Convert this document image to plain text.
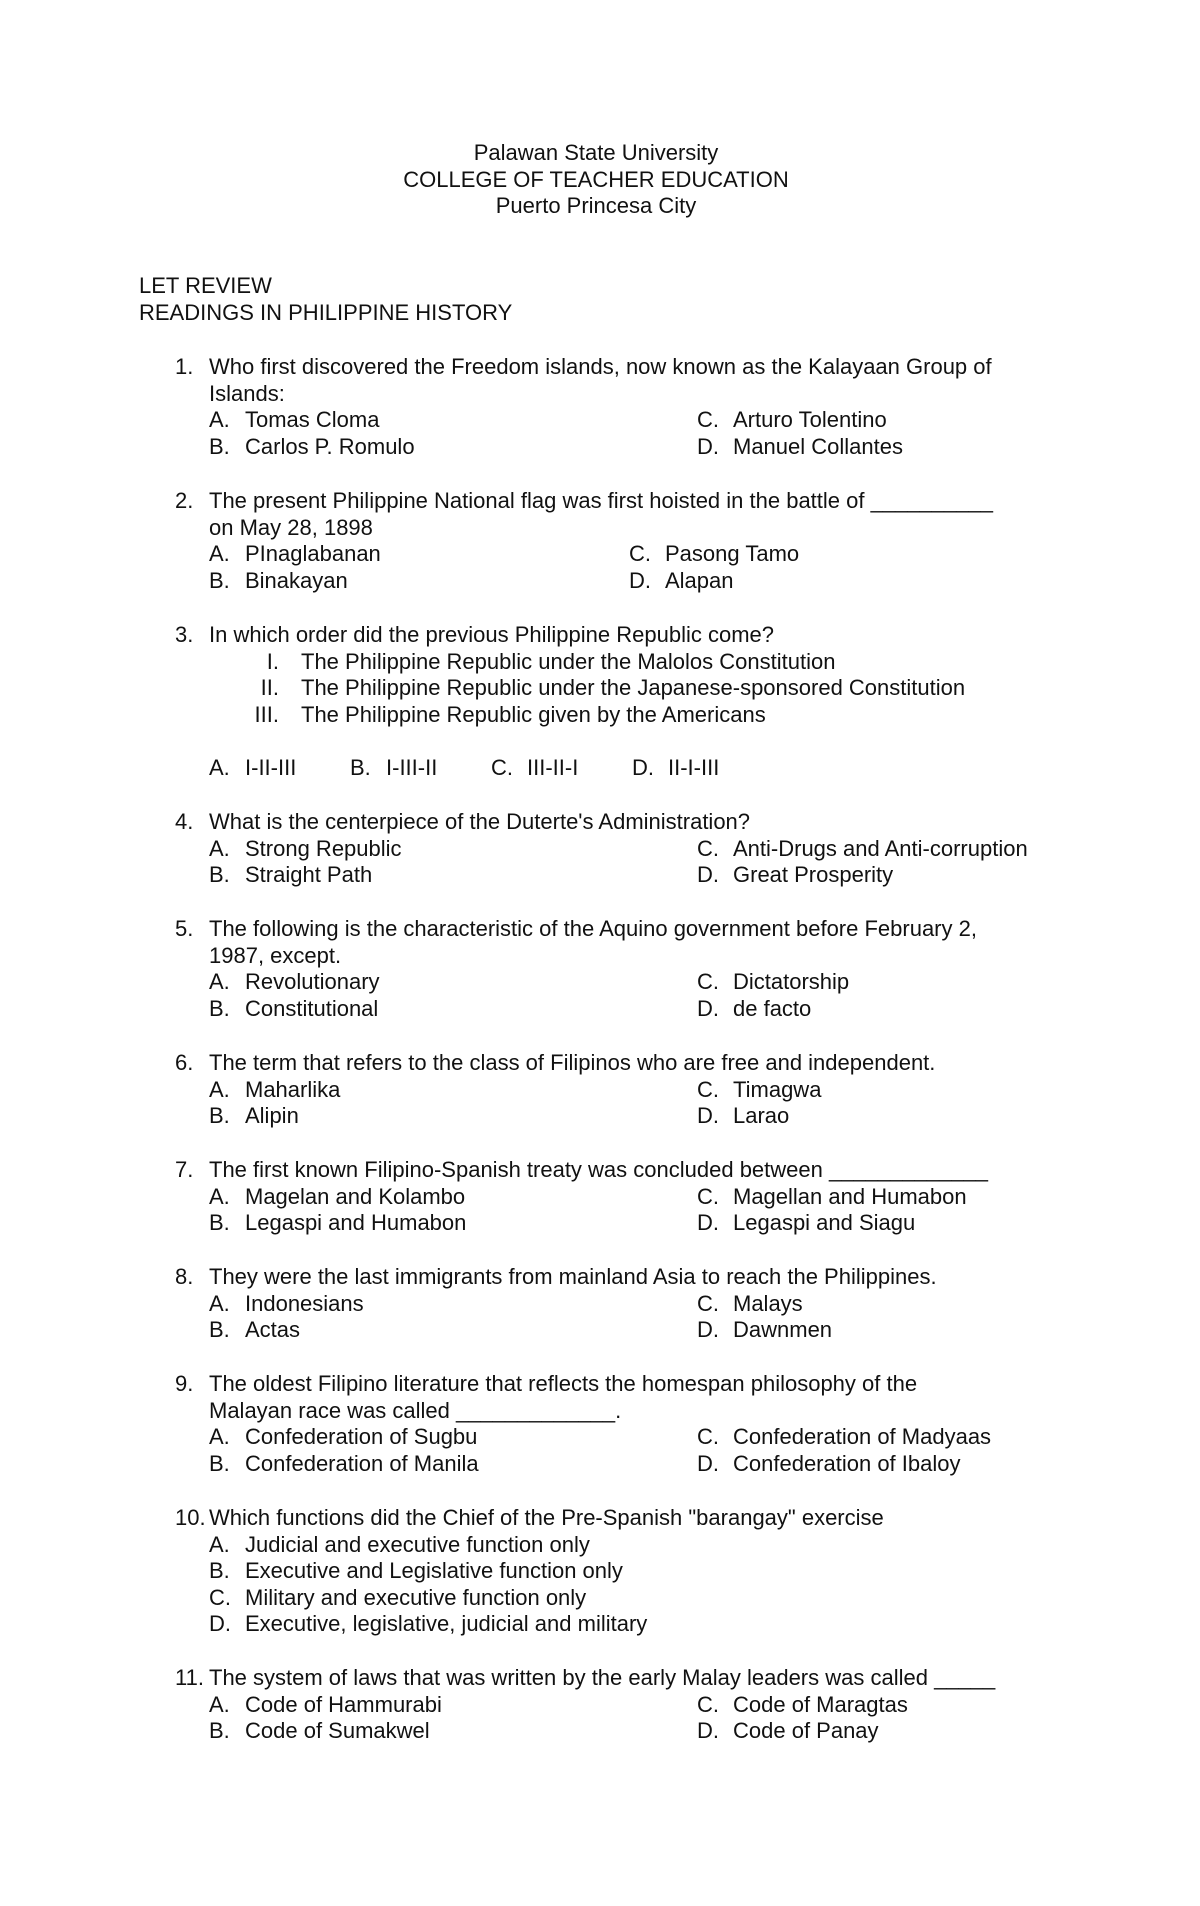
Palawan State University
COLLEGE OF TEACHER EDUCATION
Puerto Princesa City
LET REVIEW
READINGS IN PHILIPPINE HISTORY
1. Who first discovered the Freedom islands, now known as the Kalayaan Group of
Islands:
A. Tomas Cloma	C. Arturo Tolentino
B. Carlos P. Romulo	D. Manuel Collantes
2. The present Philippine National flag was first hoisted in the battle of __________
on May 28, 1898
A. PInaglabanan	C. Pasong Tamo
B. Binakayan	D. Alapan
3. In which order did the previous Philippine Republic come?
I.	The Philippine Republic under the Malolos Constitution
II.	The Philippine Republic under the Japanese-sponsored Constitution
III.	The Philippine Republic given by the Americans
A. I-II-III B. I-III-II C. III-II-I D. II-I-III
4. What is the centerpiece of the Duterte's Administration?
A. Strong Republic	C. Anti-Drugs and Anti-corruption
B. Straight Path	D. Great Prosperity
5. The following is the characteristic of the Aquino government before February 2,
1987, except.
A. Revolutionary	C. Dictatorship
B. Constitutional	D. de facto
6. The term that refers to the class of Filipinos who are free and independent.
A. Maharlika	C. Timagwa
B. Alipin	D. Larao
7. The first known Filipino-Spanish treaty was concluded between _____________
A. Magelan and Kolambo	C. Magellan and Humabon
B. Legaspi and Humabon	D. Legaspi and Siagu
8. They were the last immigrants from mainland Asia to reach the Philippines.
A. Indonesians	C. Malays
B. Actas	D. Dawnmen
9. The oldest Filipino literature that reflects the homespan philosophy of the
Malayan race was called _____________.
A. Confederation of Sugbu	C. Confederation of Madyaas
B. Confederation of Manila	D. Confederation of Ibaloy
10. Which functions did the Chief of the Pre-Spanish "barangay" exercise
A. Judicial and executive function only
B. Executive and Legislative function only
C. Military and executive function only
D. Executive, legislative, judicial and military
11. The system of laws that was written by the early Malay leaders was called _____
A. Code of Hammurabi	C. Code of Maragtas
B. Code of Sumakwel	D. Code of Panay
